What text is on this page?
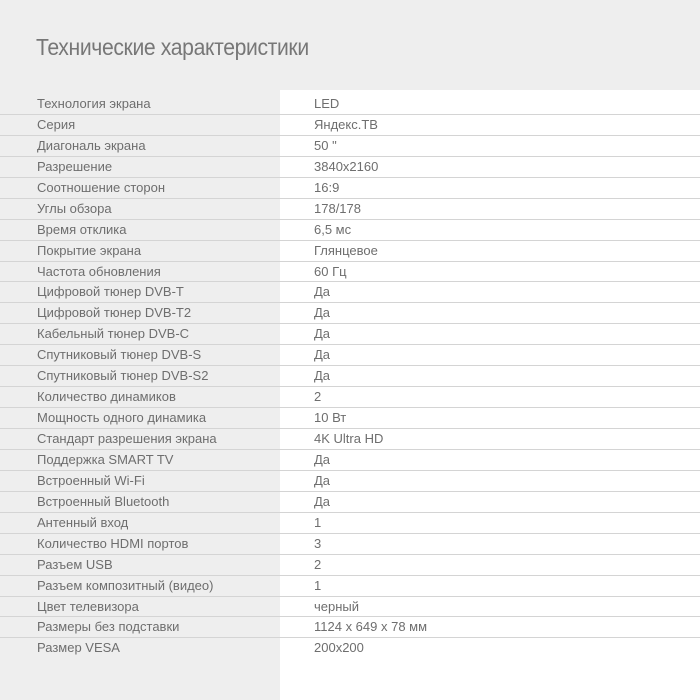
Технические характеристики
Технология экрана	LED
Серия	Яндекс.ТВ
Диагональ экрана	50 "
Разрешение	3840x2160
Соотношение сторон	16:9
Углы обзора	178/178
Время отклика	6,5 мс
Покрытие экрана	Глянцевое
Частота обновления	60 Гц
Цифровой тюнер DVB-T	Да
Цифровой тюнер DVB-T2	Да
Кабельный тюнер DVB-C	Да
Спутниковый тюнер DVB-S	Да
Спутниковый тюнер DVB-S2	Да
Количество динамиков	2
Мощность одного динамика	10 Вт
Стандарт разрешения экрана	4K Ultra HD
Поддержка SMART TV	Да
Встроенный Wi-Fi	Да
Встроенный Bluetooth	Да
Антенный вход	1
Количество HDMI портов	3
Разъем USB	2
Разъем композитный (видео)	1
Цвет телевизора	черный
Размеры без подставки	1124 x 649 x 78 мм
Размер VESA	200x200
